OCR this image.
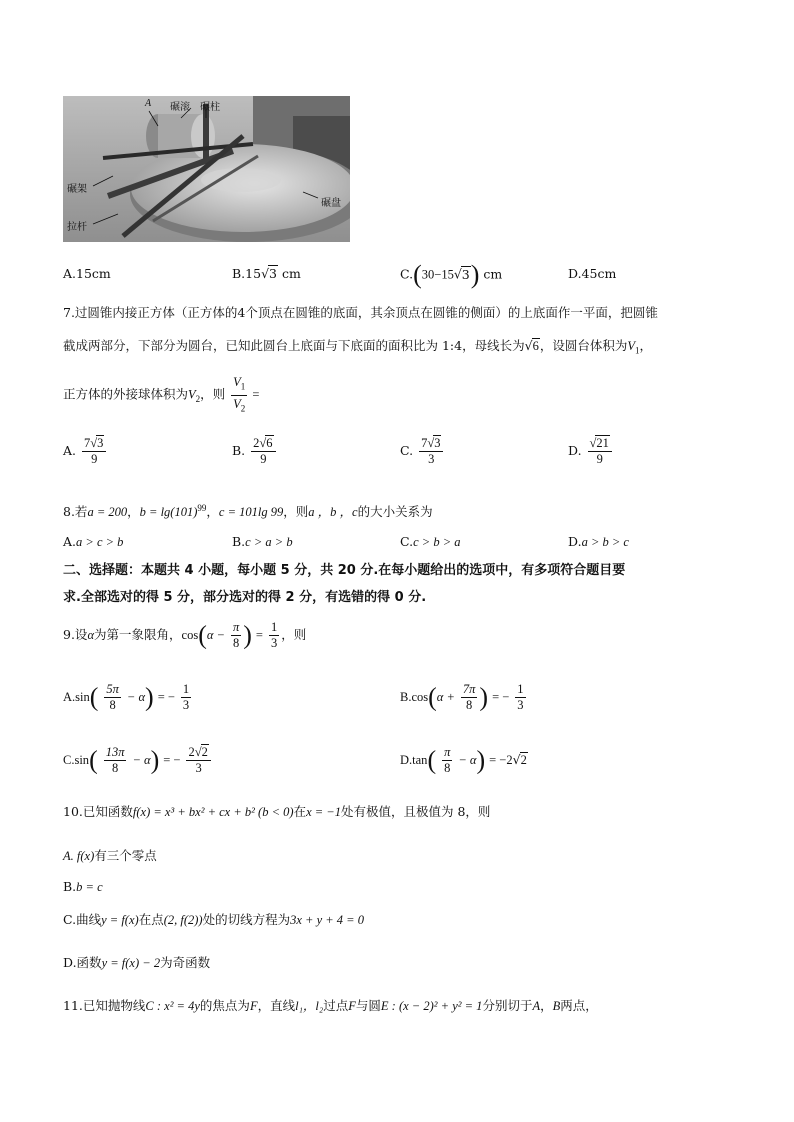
A 碾滚 碾柱
碾架
碾盘
拉杆
A.15cm	B.15√3 cm	C.(30−15√3) cm	D.45cm
7.过圆锥内接正方体（正方体的4个顶点在圆锥的底面，其余顶点在圆锥的侧面）的上底面作一平面，把圆锥
截成两部分，下部分为圆台，已知此圆台上底面与下底面的面积比为 1:4，母线长为√6，设圆台体积为$V_1$，
正方体的外接球体积为$V_2$，则 $\frac{V_1}{V_2}$ =
A. $\frac{7√3}{9}$	B. $\frac{2√6}{9}$	C. $\frac{7√3}{3}$	D. $\frac{√21}{9}$
8.若a = 200，$b = \lg(101)^{99}$，c = 101lg 99，则a ，b ，c的大小关系为
A.a > c > b	B.c > a > b	C.c > b > a	D.a > b > c
二、选择题：本题共 4 小题，每小题 5 分，共 20 分.在每小题给出的选项中，有多项符合题目要
求.全部选对的得 5 分，部分选对的得 2 分，有选错的得 0 分.
9.设α为第一象限角，$\cos(\alpha - \frac{\pi}{8}$ ) = $\frac{1}{3}$ ，则
$A.\sin( \frac{5\pi}{8} - \alpha)$ = − $\frac{1}{3}$	$B.\cos(\alpha + \frac{7\pi}{8}$ ) = − $\frac{1}{3}$
$C.\sin( \frac{13\pi}{8} - \alpha)$ = − $\frac{2√2}{3}$	$D.\tan( \frac{\pi}{8} - \alpha) = -2√2$
10.已知函数f(x) = x³ + bx² + cx + b² (b < 0)在x = −1处有极值，且极值为 8，则
A. f(x)有三个零点
B.b = c
C.曲线y = f(x)在点(2, f(2))处的切线方程为3x + y + 4 = 0
D.函数y = f(x) − 2为奇函数
11.已知抛物线C : x² = 4y的焦点为F，直线l₁，l₂过点F与圆E : (x − 2)² + y² = 1分别切于A，B两点，
